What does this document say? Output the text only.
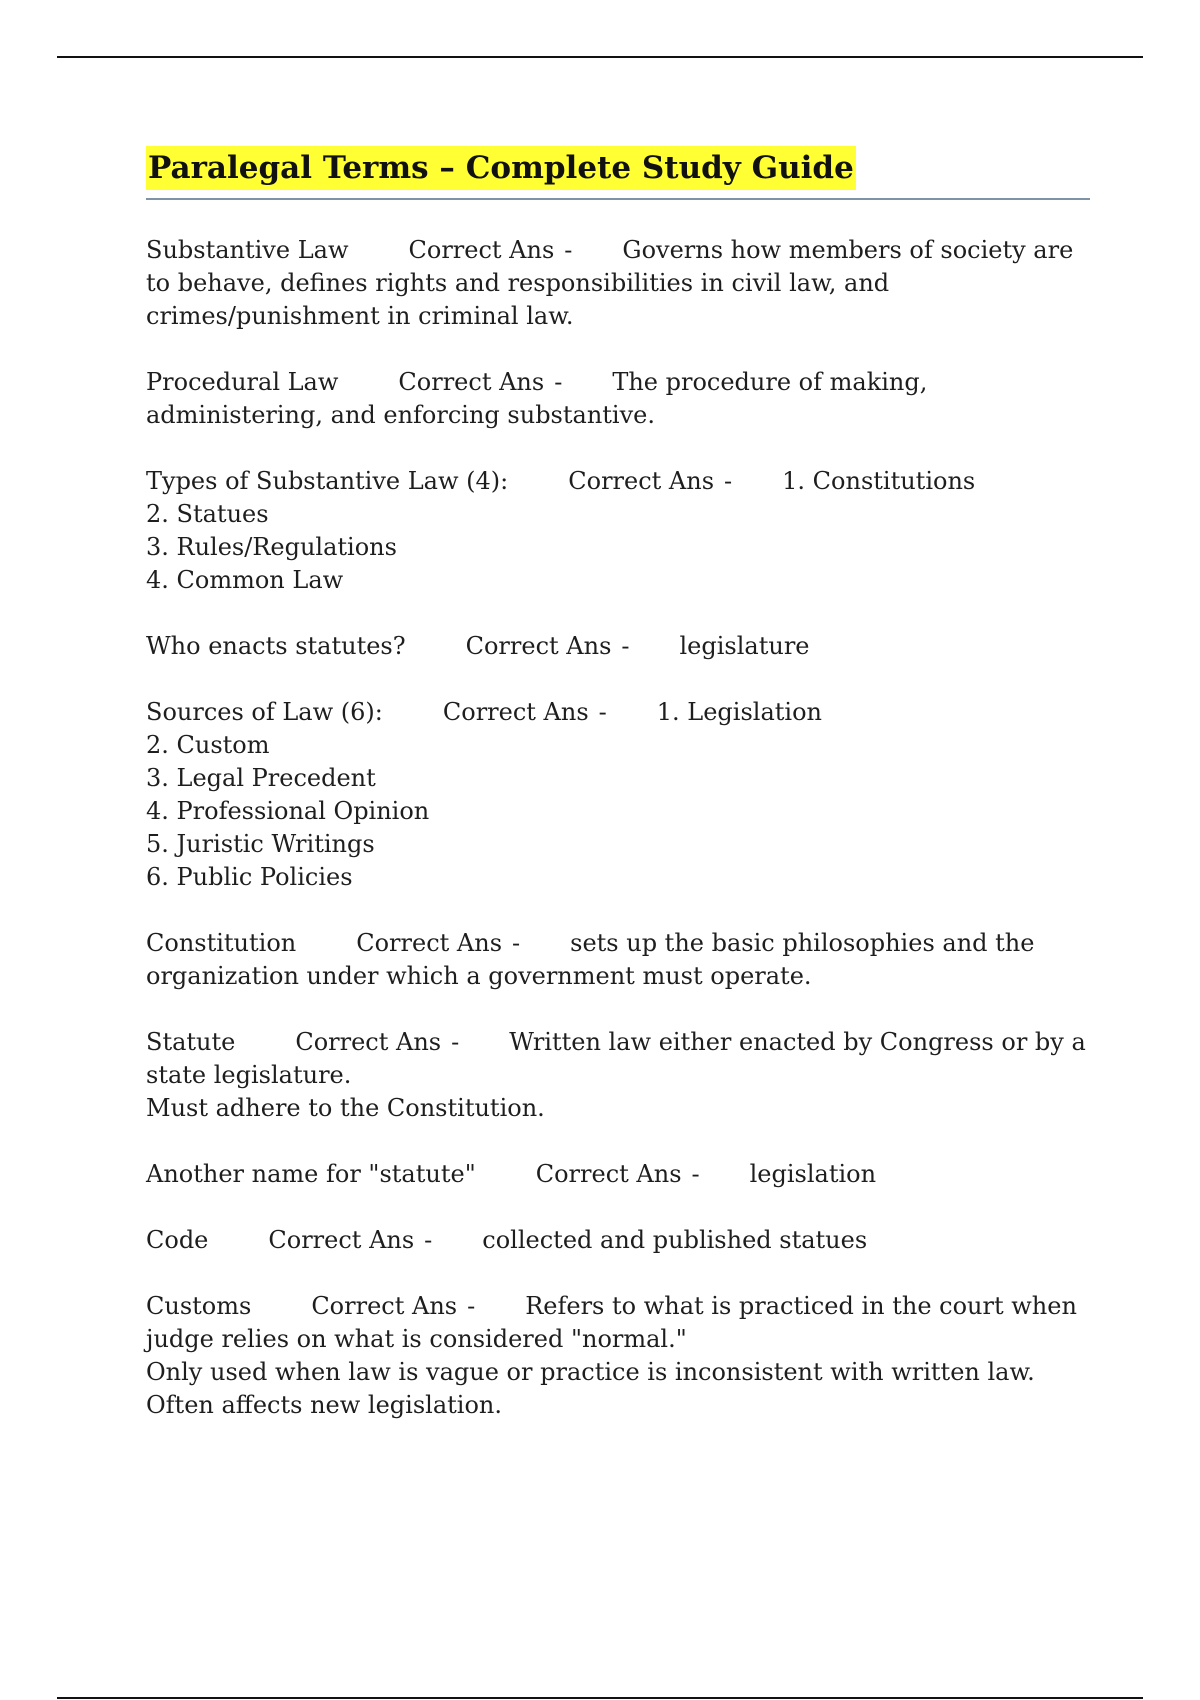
Paralegal Terms – Complete Study Guide
Substantive Law	Correct Ans - Governs how members of society are to behave, defines rights and responsibilities in civil law, and crimes/punishment in criminal law.
Procedural Law	Correct Ans - The procedure of making, administering, and enforcing substantive.
Types of Substantive Law (4):	Correct Ans - 1. Constitutions
2. Statues
3. Rules/Regulations
4. Common Law
Who enacts statutes?	Correct Ans - legislature
Sources of Law (6):	Correct Ans - 1. Legislation
2. Custom
3. Legal Precedent
4. Professional Opinion
5. Juristic Writings
6. Public Policies
Constitution	Correct Ans - sets up the basic philosophies and the organization under which a government must operate.
Statute	Correct Ans - Written law either enacted by Congress or by a state legislature.
Must adhere to the Constitution.
Another name for "statute"	Correct Ans - legislation
Code	Correct Ans - collected and published statues
Customs	Correct Ans - Refers to what is practiced in the court when judge relies on what is considered "normal."
Only used when law is vague or practice is inconsistent with written law.
Often affects new legislation.
